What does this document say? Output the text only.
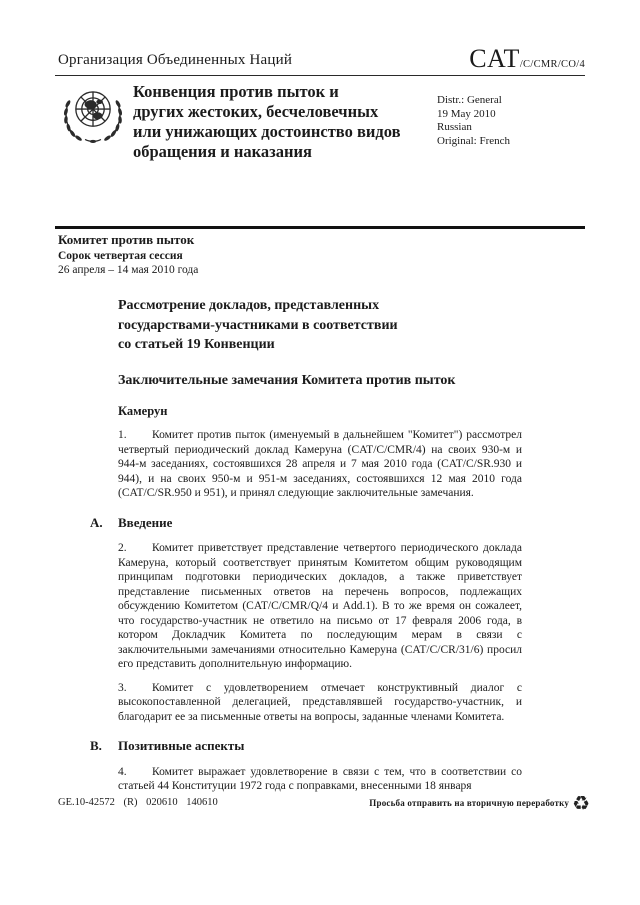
Организация Объединенных Наций	CAT /C/CMR/CO/4
Конвенция против пыток и
других жестоких, бесчеловечных
или унижающих достоинство видов
обращения и наказания
Distr.: General
19 May 2010
Russian
Original: French
Комитет против пыток
Сорок четвертая сессия
26 апреля – 14 мая 2010 года
Рассмотрение докладов, представленных
государствами-участниками в соответствии
со статьей 19 Конвенции
Заключительные замечания Комитета против пыток
Камерун

1. Комитет против пыток (именуемый в дальнейшем "Комитет") рассмотрел четвертый периодический доклад Камеруна (CAT/C/CMR/4) на своих 930-м и 944-м заседаниях, состоявшихся 28 апреля и 7 мая 2010 года (CAT/C/SR.930 и 944), и на своих 950-м и 951-м заседаниях, состоявшихся 12 мая 2010 года (CAT/C/SR.950 и 951), и принял следующие заключительные замечания.

A. Введение

2. Комитет приветствует представление четвертого периодического доклада Камеруна, который соответствует принятым Комитетом общим руководящим принципам подготовки периодических докладов, а также приветствует представление письменных ответов на перечень вопросов, подлежащих обсуждению Комитетом (CAT/C/CMR/Q/4 и Add.1). В то же время он сожалеет, что государство-участник не ответило на письмо от 17 февраля 2006 года, в котором Докладчик Комитета по последующим мерам в связи с заключительными замечаниями относительно Камеруна (CAT/C/CR/31/6) просил его представить дополнительную информацию.

3. Комитет с удовлетворением отмечает конструктивный диалог с высокопоставленной делегацией, представлявшей государство-участник, и благодарит ее за письменные ответы на вопросы, заданные членами Комитета.

B. Позитивные аспекты

4. Комитет выражает удовлетворение в связи с тем, что в соответствии со статьей 44 Конституции 1972 года с поправками, внесенными 18 января

GE.10-42572 (R) 020610 140610	Просьба отправить на вторичную переработку ♻
